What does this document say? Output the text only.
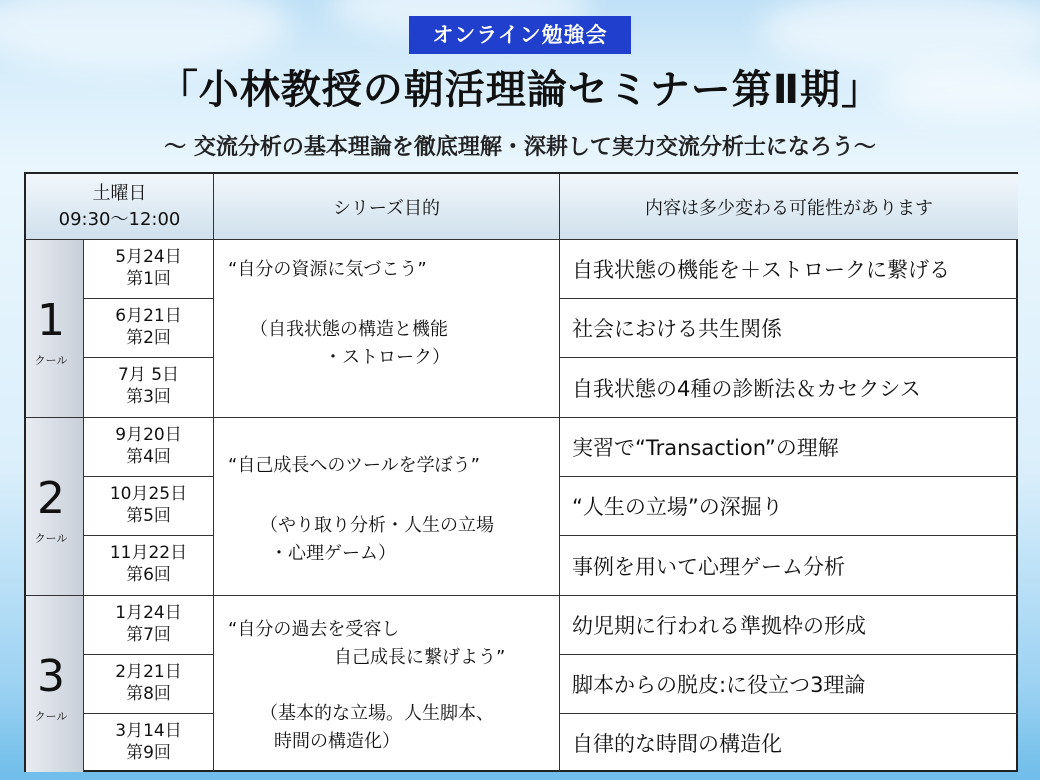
オンライン勉強会
「小林教授の朝活理論セミナー第Ⅱ期」
～ 交流分析の基本理論を徹底理解・深耕して実力交流分析士になろう～
土曜日
09:30～12:00
シリーズ目的	内容は多少変わる可能性があります
1
クール
5月24日
第1回
6月21日
第2回
7月 5日
第3回
“自分の資源に気づこう”
（自我状態の構造と機能
・ストローク）
自我状態の機能を＋ストロークに繋げる
社会における共生関係
自我状態の4種の診断法＆カセクシス
2
クール
9月20日
第4回
10月25日
第5回
11月22日
第6回
“自己成長へのツールを学ぼう”
（やり取り分析・人生の立場
・心理ゲーム）
実習で“Transaction”の理解
“人生の立場”の深掘り
事例を用いて心理ゲーム分析
3
クール
1月24日
第7回
2月21日
第8回
3月14日
第9回
“自分の過去を受容し
自己成長に繋げよう”
（基本的な立場。人生脚本、
時間の構造化）
幼児期に行われる準拠枠の形成
脚本からの脱皮:に役立つ3理論
自律的な時間の構造化
